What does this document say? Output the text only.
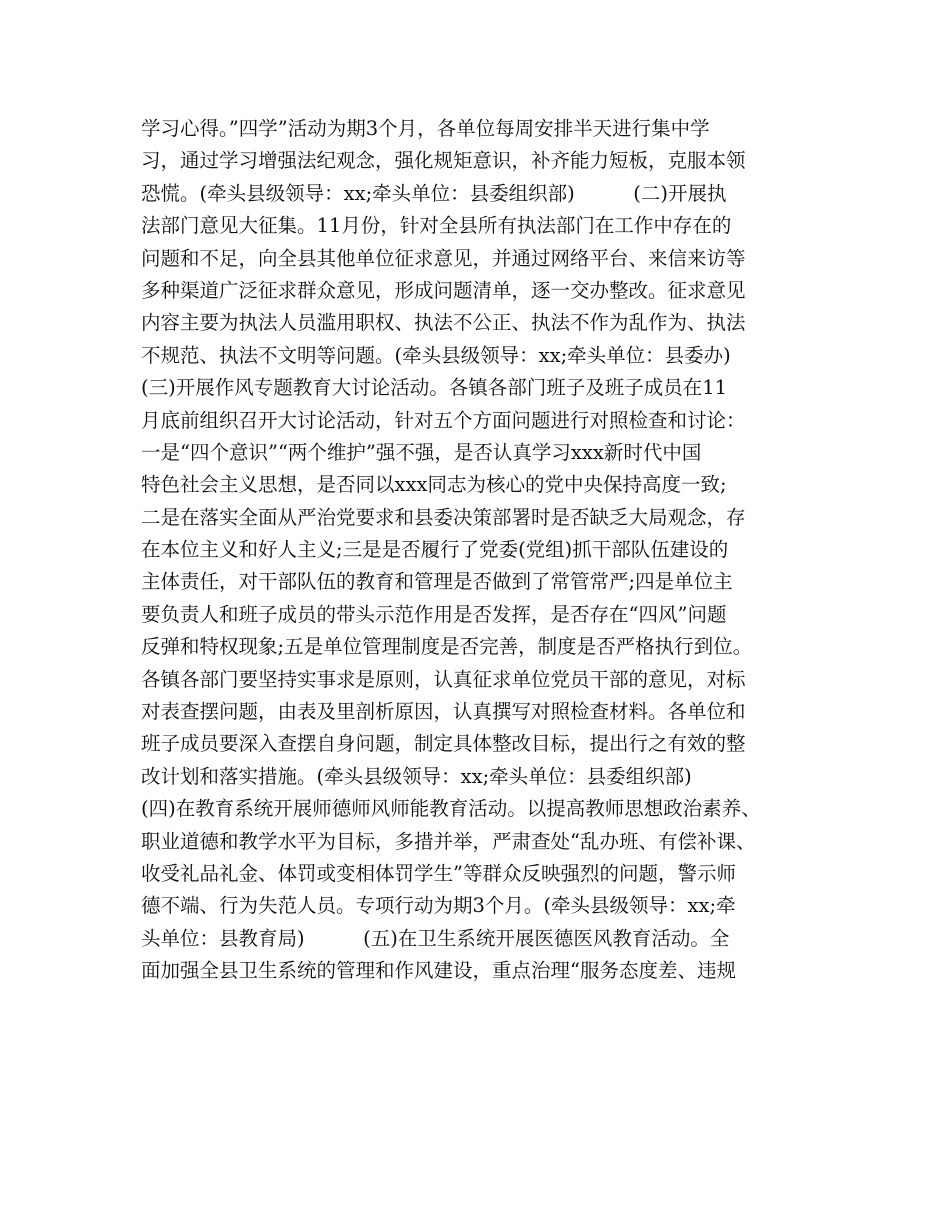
学习心得。”四学”活动为期3个月，各单位每周安排半天进行集中学
习，通过学习增强法纪观念，强化规矩意识，补齐能力短板，克服本领
恐慌。(牵头县级领导：xx;牵头单位：县委组织部)　　　(二)开展执
法部门意见大征集。11月份，针对全县所有执法部门在工作中存在的
问题和不足，向全县其他单位征求意见，并通过网络平台、来信来访等
多种渠道广泛征求群众意见，形成问题清单，逐一交办整改。征求意见
内容主要为执法人员滥用职权、执法不公正、执法不作为乱作为、执法
不规范、执法不文明等问题。(牵头县级领导：xx;牵头单位：县委办)
(三)开展作风专题教育大讨论活动。各镇各部门班子及班子成员在11
月底前组织召开大讨论活动，针对五个方面问题进行对照检查和讨论：
一是“四个意识”“两个维护”强不强，是否认真学习xxx新时代中国
特色社会主义思想，是否同以xxx同志为核心的党中央保持高度一致;
二是在落实全面从严治党要求和县委决策部署时是否缺乏大局观念，存
在本位主义和好人主义;三是是否履行了党委(党组)抓干部队伍建设的
主体责任，对干部队伍的教育和管理是否做到了常管常严;四是单位主
要负责人和班子成员的带头示范作用是否发挥，是否存在“四风”问题
反弹和特权现象;五是单位管理制度是否完善，制度是否严格执行到位。
各镇各部门要坚持实事求是原则，认真征求单位党员干部的意见，对标
对表查摆问题，由表及里剖析原因，认真撰写对照检查材料。各单位和
班子成员要深入查摆自身问题，制定具体整改目标，提出行之有效的整
改计划和落实措施。(牵头县级领导：xx;牵头单位：县委组织部)
(四)在教育系统开展师德师风师能教育活动。以提高教师思想政治素养、
职业道德和教学水平为目标，多措并举，严肃查处“乱办班、有偿补课、
收受礼品礼金、体罚或变相体罚学生”等群众反映强烈的问题，警示师
德不端、行为失范人员。专项行动为期3个月。(牵头县级领导：xx;牵
头单位：县教育局)　　　(五)在卫生系统开展医德医风教育活动。全
面加强全县卫生系统的管理和作风建设，重点治理“服务态度差、违规
